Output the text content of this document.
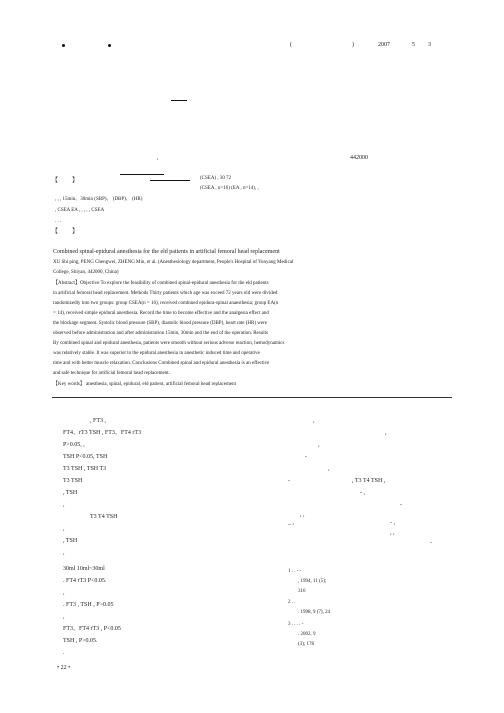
(	)	2007	5 3
,	442000
【 】	(CSEA) , 30 72
(CSEA , n=16) (EA , n=14), ,
, , , 15min、30min (SBP)、 (DBP)、 (HR)
, CSEA EA , , , , , CSEA
. . .
【 】
Combined spinal-epidural anesthesia for the eld patients in artificial femoral head replacement
XU Shi ping, PENG Chengwei, ZHENG Min, et al. (Anesthesiology department, People's Hospital of Yunyang Medical
College, Shiyan, 442000, China)
【Abstract】Objective To explore the feasibility of combined spinal-epidural anesthesia for the eld patients
in artificial femoral head replacement. Methods Thirty patients which age was exceed 72 years old were divided
randomizedly into two groups: group CSEA(n = 16), received combined epidura-spinal anaesthesia; group EA(n
= 14), received simple epidural anesthesia. Record the time to become effective and the analgesia effect and
the blockage segment. Systolic blood pressure (SBP), diastolic blood pressure (DBP), heart rate (HR) were
observed before administration and after administration 15min, 30min and the end of the operation. Results
By combined spinal and epidural anesthesia, patients were smooth without serious adverse reaction, hemodynamics
was relatively stable. It was superior to the epidural anesthesia in anesthetic induced time and operative
time and with better muscle relaxation. Conclusions Combined spinal and epidural anesthesia is an effective
and safe technique for artificial femoral head replacement.
【Key words】 anesthesia, spinal, epidural, eld patient, artificial femoral head replacement
, FT3 ,
FT4、rT3 TSH , FT3、FT4 rT3
P>0.05, ,
TSH P<0.05, TSH
T3 TSH , TSH T3
T3 TSH
, TSH
,
T3 T4 TSH
,
, TSH
,
30ml 10ml~30ml
. FT4 rT3 P<0.05.
,
. FT3 , TSH , P>0.05
,
FT3、FT4 rT3 , P<0.05
TSH , P>0.05.
.
,
,
,
-
,
-	, T3 T4 TSH ,
- ,
-
, ,
- ,
_ ,
-
, ,
1 . . - -
, 1994, 11 (5);
316
2 . .
. 1998, 9 (7), 24
3 . . . . -
. 2002, 9
(3); 178
• 22 •
